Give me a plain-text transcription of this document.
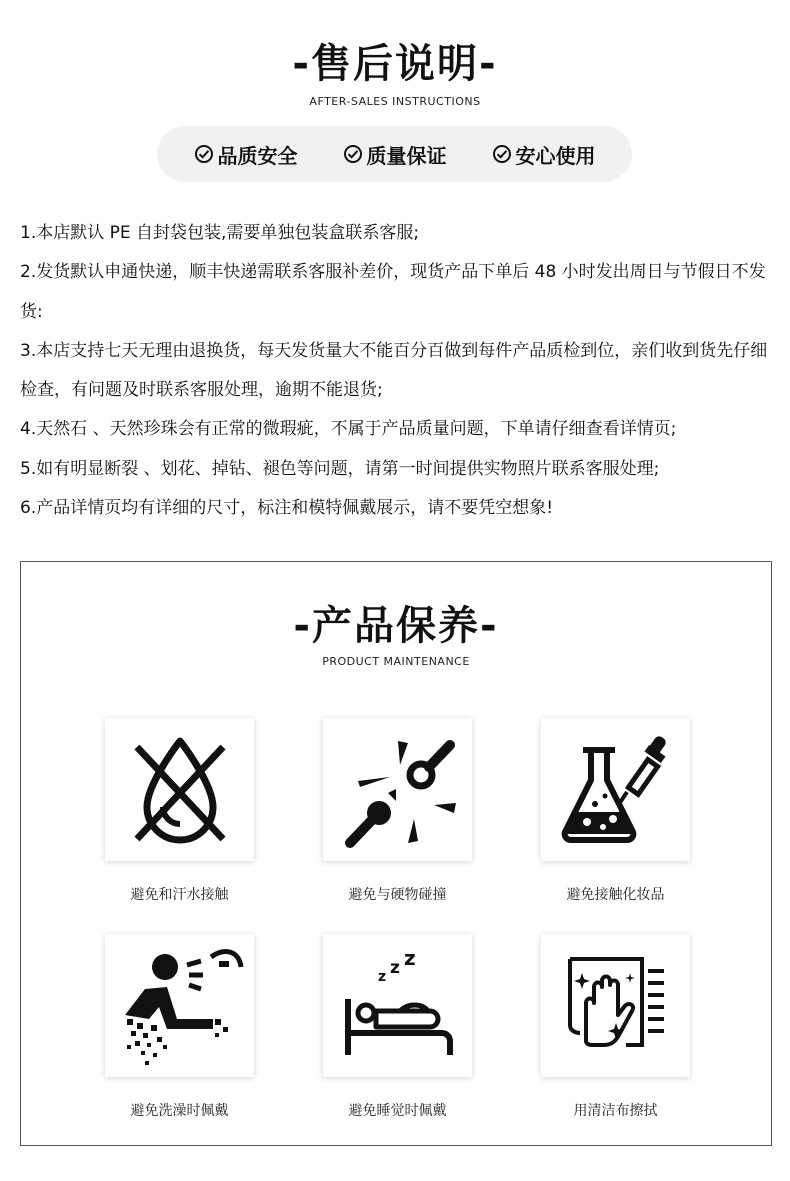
-售后说明-
AFTER-SALES INSTRUCTIONS
品质安全	质量保证	安心使用

1.本店默认 PE 自封袋包装,需要单独包装盒联系客服;

2.发货默认申通快递，顺丰快递需联系客服补差价，现货产品下单后 48 小时发出周日与节假日不发货:

3.本店支持七天无理由退换货，每天发货量大不能百分百做到每件产品质检到位，亲们收到货先仔细检查，有问题及时联系客服处理，逾期不能退货;

4.天然石 、天然珍珠会有正常的微瑕疵，不属于产品质量问题，下单请仔细查看详情页;

5.如有明显断裂 、划花、掉钻、褪色等问题，请第一时间提供实物照片联系客服处理;

6.产品详情页均有详细的尺寸，标注和模特佩戴展示，请不要凭空想象!

-产品保养-
PRODUCT MAINTENANCE
避免和汗水接触	避免与硬物碰撞	避免接触化妆品
z z z
避免洗澡时佩戴	避免睡觉时佩戴	用清洁布擦拭
